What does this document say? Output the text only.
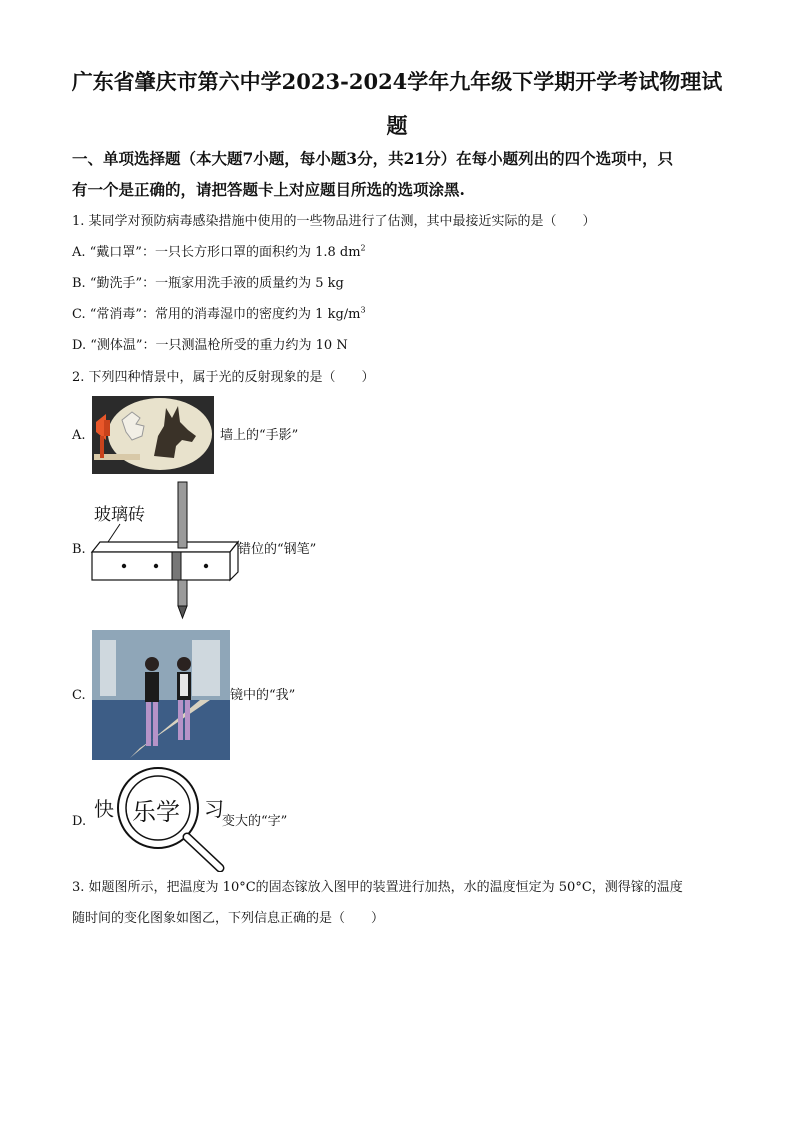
广东省肇庆市第六中学2023-2024学年九年级下学期开学考试物理试
题
一、单项选择题（本大题7小题，每小题3分，共21分）在每小题列出的四个选项中，只
有一个是正确的，请把答题卡上对应题目所选的选项涂黑.
1. 某同学对预防病毒感染措施中使用的一些物品进行了估测，其中最接近实际的是（　　）
A. “戴口罩”：一只长方形口罩的面积约为 1.8 $dm^2$
B. “勤洗手”：一瓶家用洗手液的质量约为 5 kg
C. “常消毒”：常用的消毒湿巾的密度约为 1 $kg/m^3$
D. “测体温”：一只测温枪所受的重力约为 10 N
2. 下列四种情景中，属于光的反射现象的是（　　）
A.	墙上的“手影”
B.
玻璃砖
错位的“钢笔”
C.	镜中的“我”
D.
快 乐学 习
变大的“字”
3. 如题图所示，把温度为 10°C的固态镓放入图甲的装置进行加热，水的温度恒定为 50°C，测得镓的温度
随时间的变化图象如图乙，下列信息正确的是（　　）
